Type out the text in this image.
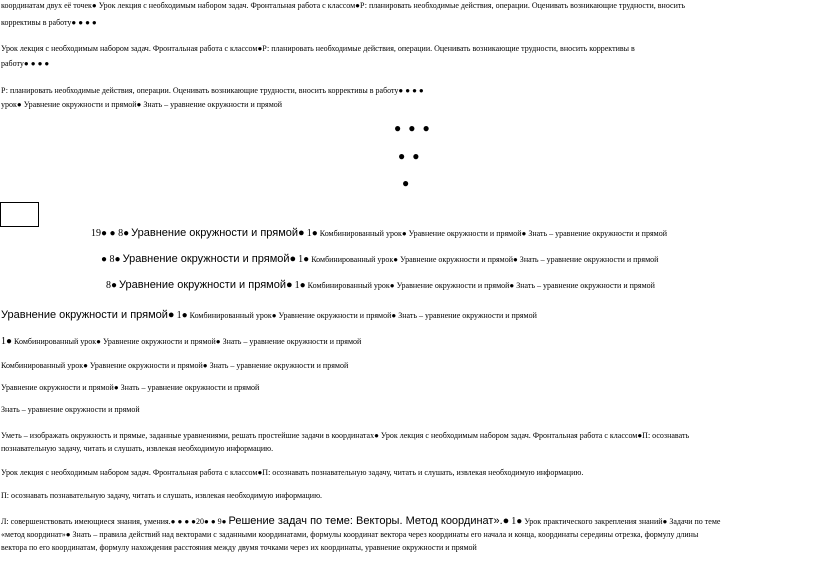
координатам двух её точек● Урок лекция с необходимым набором задач. Фронтальная работа с классом●Р: планировать необходимые действия, операции. Оценивать возникающие трудности, вносить
коррективы в работу● ● ● ●
Урок лекция с необходимым набором задач. Фронтальная работа с классом●Р: планировать необходимые действия, операции. Оценивать возникающие трудности, вносить коррективы в
работу● ● ● ●
Р: планировать необходимые действия, операции. Оценивать возникающие трудности, вносить коррективы в работу● ● ● ●
урок● Уравнение окружности и прямой● Знать – уравнение окружности и прямой
● ● ●
● ●
●
19● ● 8● Уравнение окружности и прямой● 1● Комбинированный урок● Уравнение окружности и прямой● Знать – уравнение окружности и прямой
● 8● Уравнение окружности и прямой● 1● Комбинированный урок● Уравнение окружности и прямой● Знать – уравнение окружности и прямой
8● Уравнение окружности и прямой● 1● Комбинированный урок● Уравнение окружности и прямой● Знать – уравнение окружности и прямой
Уравнение окружности и прямой● 1● Комбинированный урок● Уравнение окружности и прямой● Знать – уравнение окружности и прямой
1● Комбинированный урок● Уравнение окружности и прямой● Знать – уравнение окружности и прямой
Комбинированный урок● Уравнение окружности и прямой● Знать – уравнение окружности и прямой
Уравнение окружности и прямой● Знать – уравнение окружности и прямой
Знать – уравнение окружности и прямой
Уметь – изображать окружность и прямые, заданные уравнениями, решать простейшие задачи в координатах● Урок лекция с необходимым набором задач. Фронтальная работа с классом●П: осознавать
познавательную задачу, читать и слушать, извлекая необходимую информацию.
Урок лекция с необходимым набором задач. Фронтальная работа с классом●П: осознавать познавательную задачу, читать и слушать, извлекая необходимую информацию.
П: осознавать познавательную задачу, читать и слушать, извлекая необходимую информацию.
Л: совершенствовать имеющиеся знания, умения.● ● ● ●20● ● 9● Решение задач по теме: Векторы. Метод координат».● 1● Урок практического закрепления знаний● Задачи по теме
«метод координат»● Знать – правила действий над векторами с заданными координатами, формулы координат вектора через координаты его начала и конца, координаты середины отрезка, формулу длины
вектора по его координатам, формулу нахождения расстояния между двумя точками через их координаты, уравнение окружности и прямой
